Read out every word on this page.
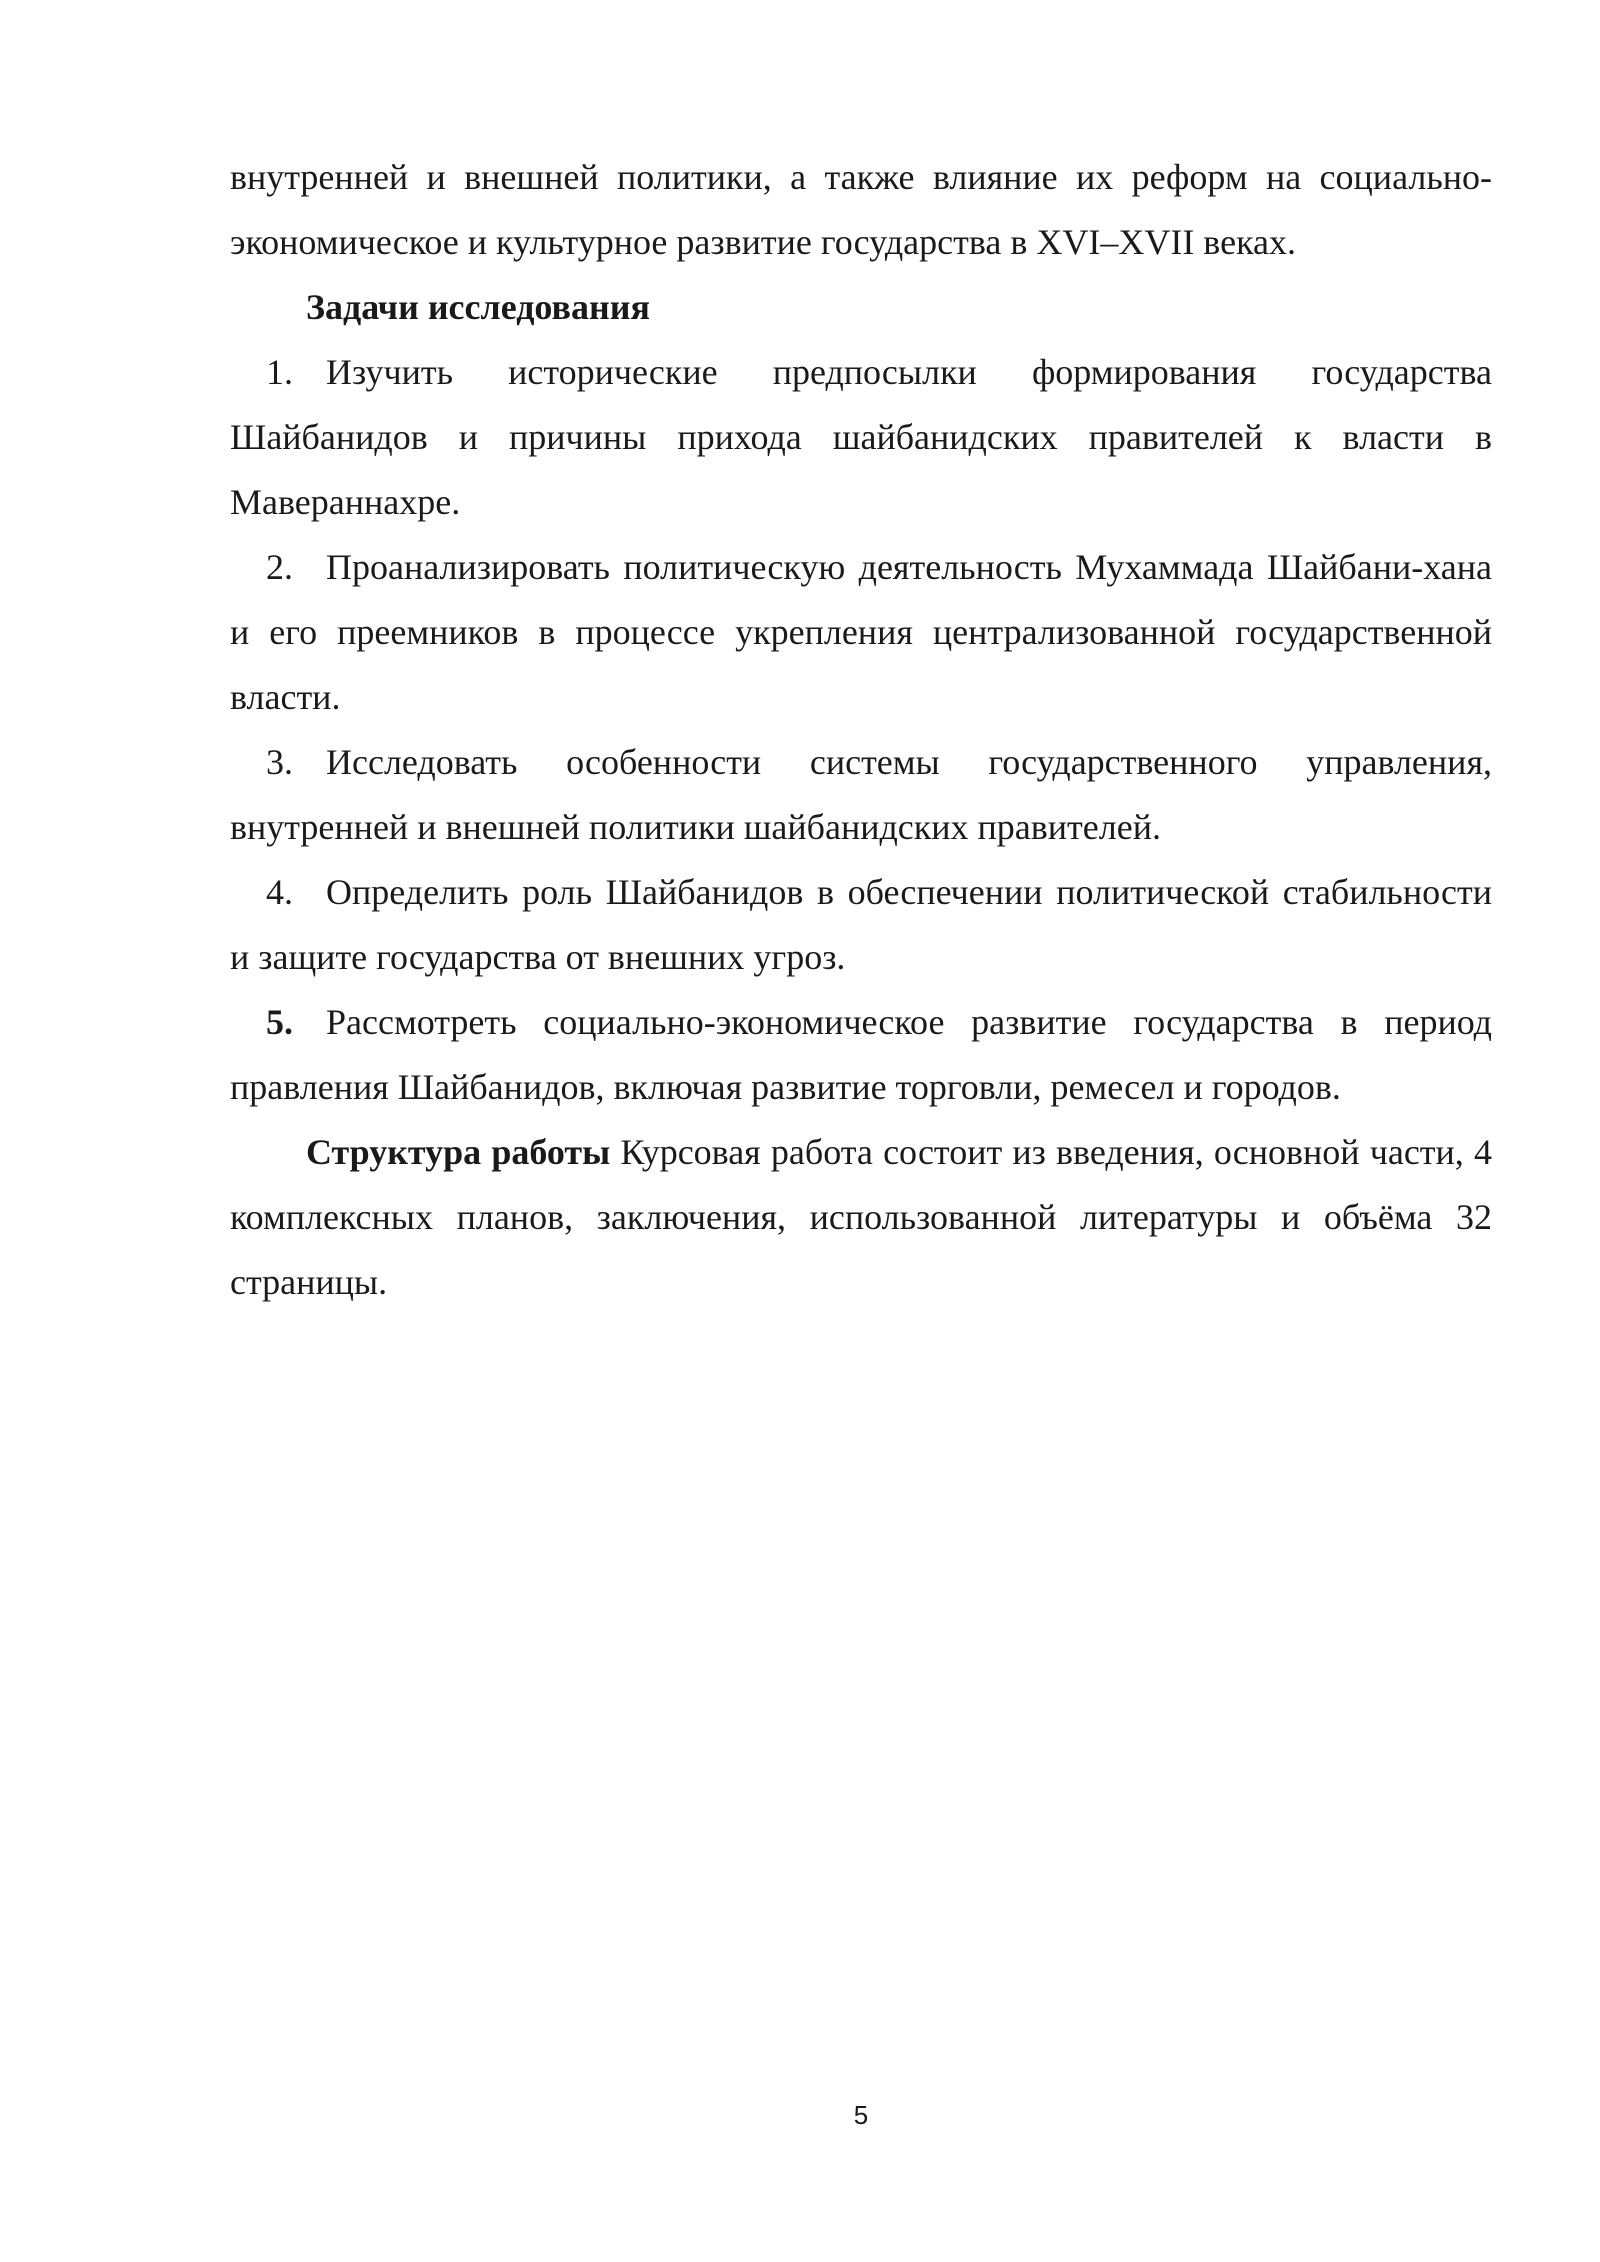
внутренней и внешней политики, а также влияние их реформ на социально-экономическое и культурное развитие государства в XVI–XVII веках.

Задачи исследования

1. Изучить исторические предпосылки формирования государства Шайбанидов и причины прихода шайбанидских правителей к власти в Мавераннахре.

2. Проанализировать политическую деятельность Мухаммада Шайбани-хана и его преемников в процессе укрепления централизованной государственной власти.

3. Исследовать особенности системы государственного управления, внутренней и внешней политики шайбанидских правителей.

4. Определить роль Шайбанидов в обеспечении политической стабильности и защите государства от внешних угроз.

5. Рассмотреть социально-экономическое развитие государства в период правления Шайбанидов, включая развитие торговли, ремесел и городов.

Структура работы Курсовая работа состоит из введения, основной части, 4 комплексных планов, заключения, использованной литературы и объёма 32 страницы.

5
